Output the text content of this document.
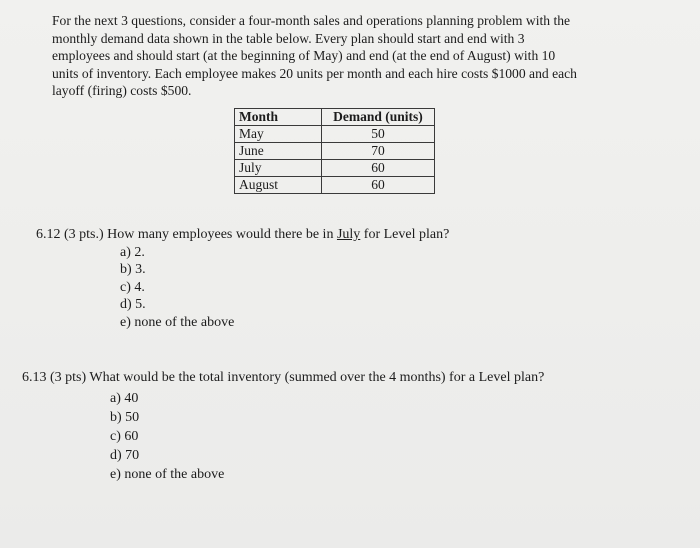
For the next 3 questions, consider a four-month sales and operations planning problem with the
monthly demand data shown in the table below. Every plan should start and end with 3
employees and should start (at the beginning of May) and end (at the end of August) with 10
units of inventory. Each employee makes 20 units per month and each hire costs $1000 and each
layoff (firing) costs $500.
Month	Demand (units)
May	50
June	70
July	60
August	60
6.12 (3 pts.) How many employees would there be in July for Level plan?
a) 2.
b) 3.
c) 4.
d) 5.
e) none of the above
6.13 (3 pts) What would be the total inventory (summed over the 4 months) for a Level plan?
a) 40
b) 50
c) 60
d) 70
e) none of the above
